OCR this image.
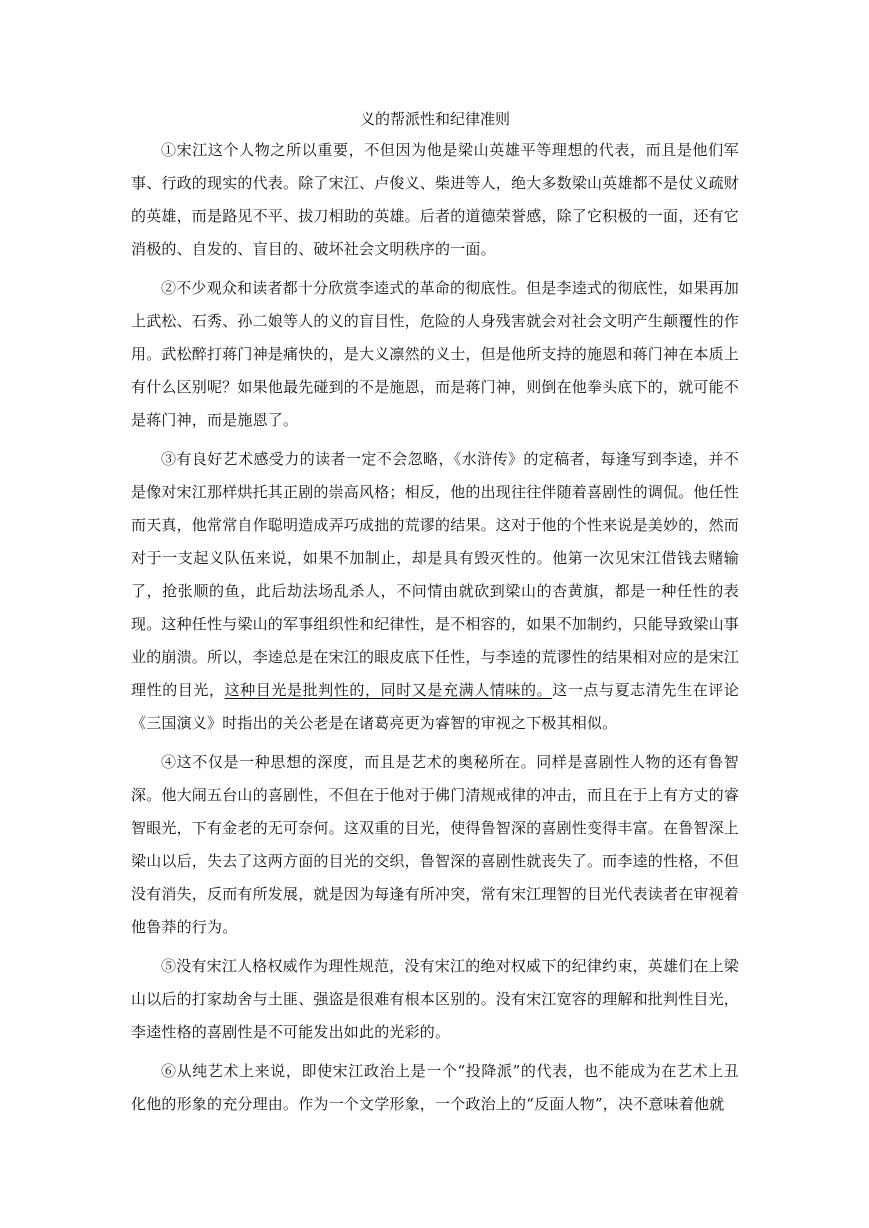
义的帮派性和纪律准则

①宋江这个人物之所以重要，不但因为他是梁山英雄平等理想的代表，而且是他们军事、行政的现实的代表。除了宋江、卢俊义、柴进等人，绝大多数梁山英雄都不是仗义疏财的英雄，而是路见不平、拔刀相助的英雄。后者的道德荣誉感，除了它积极的一面，还有它消极的、自发的、盲目的、破坏社会文明秩序的一面。

②不少观众和读者都十分欣赏李逵式的革命的彻底性。但是李逵式的彻底性，如果再加上武松、石秀、孙二娘等人的义的盲目性，危险的人身残害就会对社会文明产生颠覆性的作用。武松醉打蒋门神是痛快的，是大义凛然的义士，但是他所支持的施恩和蒋门神在本质上有什么区别呢？如果他最先碰到的不是施恩，而是蒋门神，则倒在他拳头底下的，就可能不是蒋门神，而是施恩了。

③有良好艺术感受力的读者一定不会忽略，《水浒传》的定稿者，每逢写到李逵，并不是像对宋江那样烘托其正剧的崇高风格；相反，他的出现往往伴随着喜剧性的调侃。他任性而天真，他常常自作聪明造成弄巧成拙的荒谬的结果。这对于他的个性来说是美妙的，然而对于一支起义队伍来说，如果不加制止，却是具有毁灭性的。他第一次见宋江借钱去赌输了，抢张顺的鱼，此后劫法场乱杀人，不问情由就砍到梁山的杏黄旗，都是一种任性的表现。这种任性与梁山的军事组织性和纪律性，是不相容的，如果不加制约，只能导致梁山事业的崩溃。所以，李逵总是在宋江的眼皮底下任性，与李逵的荒谬性的结果相对应的是宋江理性的目光，这种目光是批判性的，同时又是充满人情味的。这一点与夏志清先生在评论《三国演义》时指出的关公老是在诸葛亮更为睿智的审视之下极其相似。

④这不仅是一种思想的深度，而且是艺术的奥秘所在。同样是喜剧性人物的还有鲁智深。他大闹五台山的喜剧性，不但在于他对于佛门清规戒律的冲击，而且在于上有方丈的睿智眼光，下有金老的无可奈何。这双重的目光，使得鲁智深的喜剧性变得丰富。在鲁智深上梁山以后，失去了这两方面的目光的交织，鲁智深的喜剧性就丧失了。而李逵的性格，不但没有消失，反而有所发展，就是因为每逢有所冲突，常有宋江理智的目光代表读者在审视着他鲁莽的行为。

⑤没有宋江人格权威作为理性规范，没有宋江的绝对权威下的纪律约束，英雄们在上梁山以后的打家劫舍与土匪、强盗是很难有根本区别的。没有宋江宽容的理解和批判性目光，李逵性格的喜剧性是不可能发出如此的光彩的。

⑥从纯艺术上来说，即使宋江政治上是一个“投降派”的代表，也不能成为在艺术上丑化他的形象的充分理由。作为一个文学形象，一个政治上的“反面人物”，决不意味着他就
